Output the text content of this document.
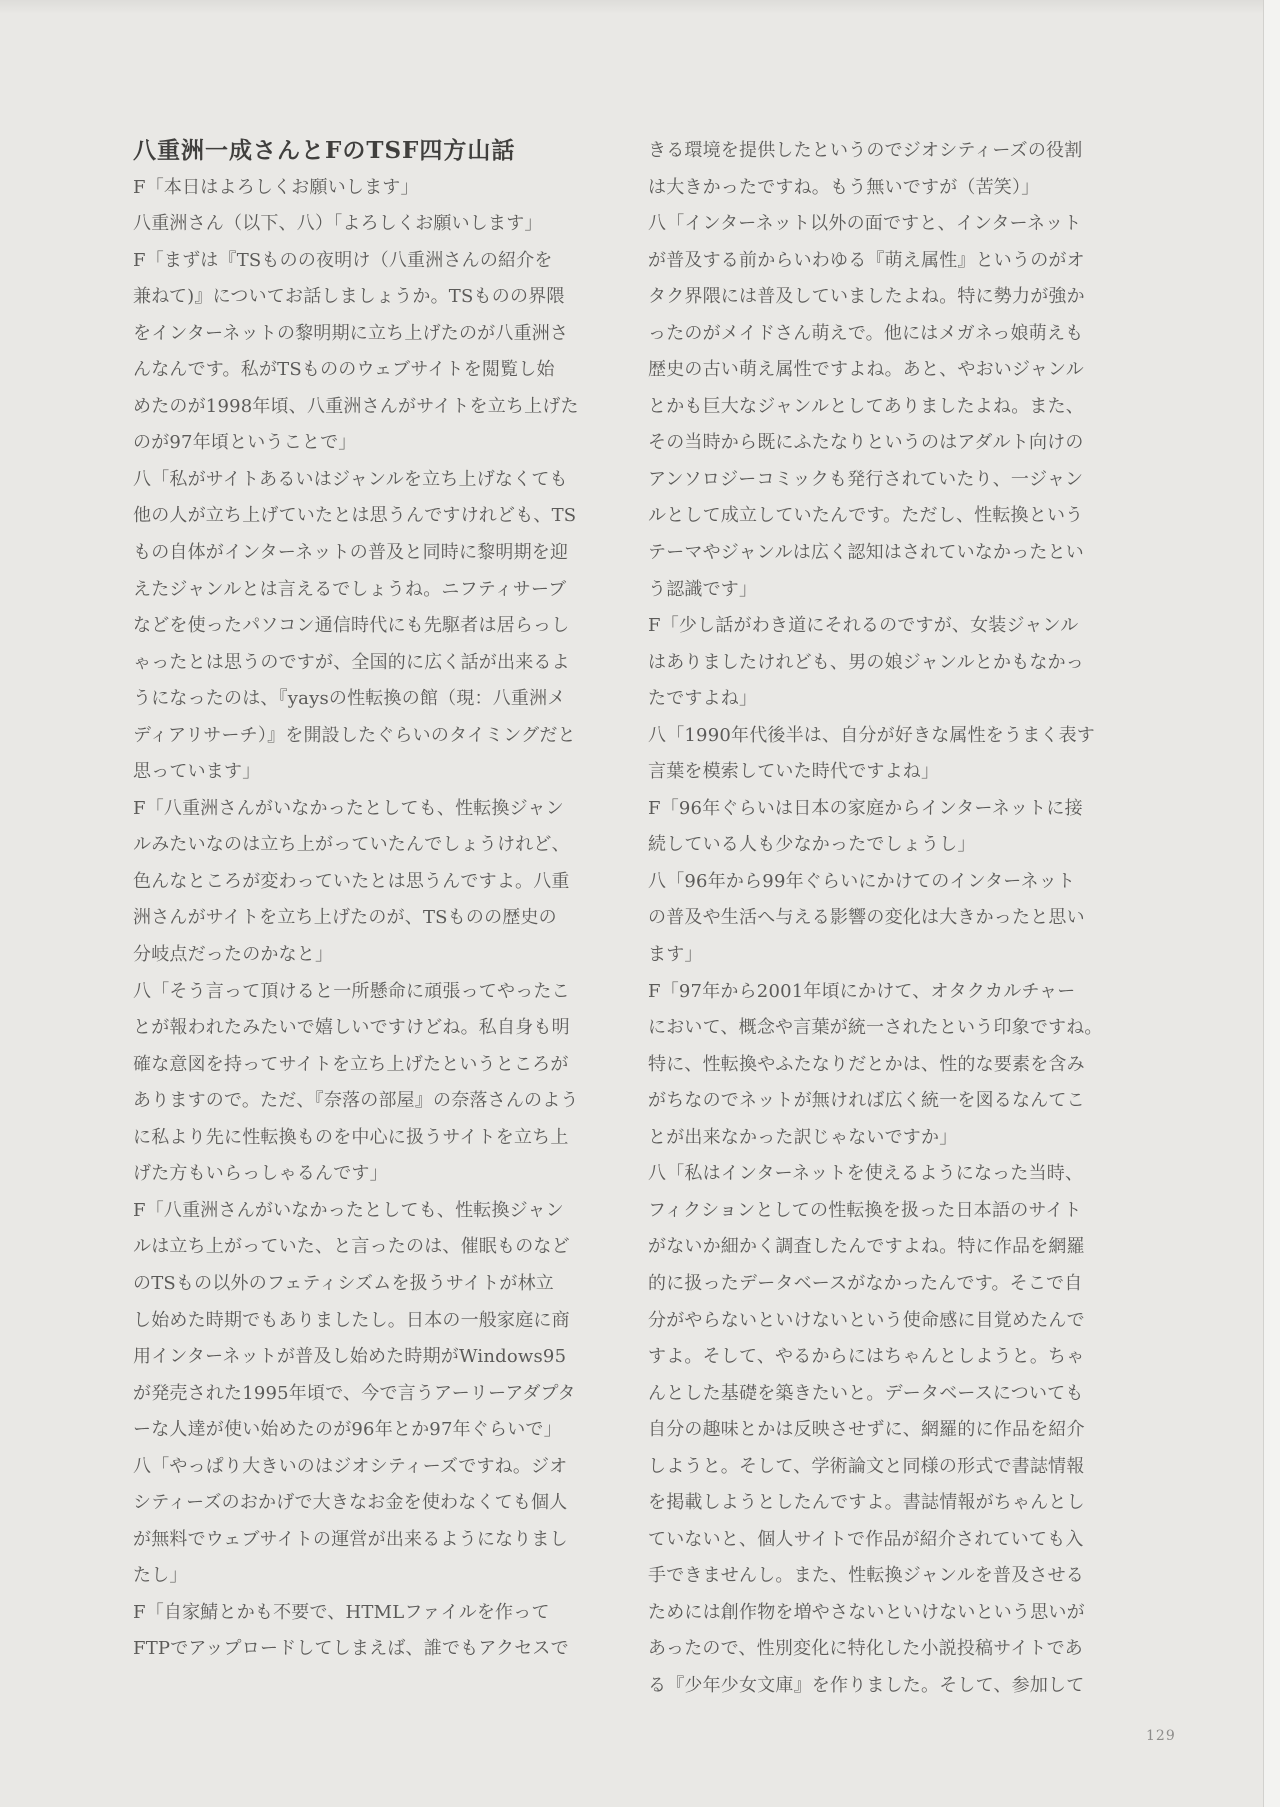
八重洲一成さんとFのTSF四方山話
F「本日はよろしくお願いします」
八重洲さん（以下、八）「よろしくお願いします」
F「まずは『TSものの夜明け（八重洲さんの紹介を
兼ねて)』についてお話しましょうか。TSものの界隈
をインターネットの黎明期に立ち上げたのが八重洲さ
んなんです。私がTSもののウェブサイトを閲覧し始
めたのが1998年頃、八重洲さんがサイトを立ち上げた
のが97年頃ということで」
八「私がサイトあるいはジャンルを立ち上げなくても
他の人が立ち上げていたとは思うんですけれども、TS
もの自体がインターネットの普及と同時に黎明期を迎
えたジャンルとは言えるでしょうね。ニフティサーブ
などを使ったパソコン通信時代にも先駆者は居らっし
ゃったとは思うのですが、全国的に広く話が出来るよ
うになったのは、『yaysの性転換の館（現：八重洲メ
ディアリサーチ）』を開設したぐらいのタイミングだと
思っています」
F「八重洲さんがいなかったとしても、性転換ジャン
ルみたいなのは立ち上がっていたんでしょうけれど、
色んなところが変わっていたとは思うんですよ。八重
洲さんがサイトを立ち上げたのが、TSものの歴史の
分岐点だったのかなと」
八「そう言って頂けると一所懸命に頑張ってやったこ
とが報われたみたいで嬉しいですけどね。私自身も明
確な意図を持ってサイトを立ち上げたというところが
ありますので。ただ、『奈落の部屋』の奈落さんのよう
に私より先に性転換ものを中心に扱うサイトを立ち上
げた方もいらっしゃるんです」
F「八重洲さんがいなかったとしても、性転換ジャン
ルは立ち上がっていた、と言ったのは、催眠ものなど
のTSもの以外のフェティシズムを扱うサイトが林立
し始めた時期でもありましたし。日本の一般家庭に商
用インターネットが普及し始めた時期がWindows95
が発売された1995年頃で、今で言うアーリーアダプタ
ーな人達が使い始めたのが96年とか97年ぐらいで」
八「やっぱり大きいのはジオシティーズですね。ジオ
シティーズのおかげで大きなお金を使わなくても個人
が無料でウェブサイトの運営が出来るようになりまし
たし」
F「自家鯖とかも不要で、HTMLファイルを作って
FTPでアップロードしてしまえば、誰でもアクセスで
きる環境を提供したというのでジオシティーズの役割
は大きかったですね。もう無いですが（苦笑）」
八「インターネット以外の面ですと、インターネット
が普及する前からいわゆる『萌え属性』というのがオ
タク界隈には普及していましたよね。特に勢力が強か
ったのがメイドさん萌えで。他にはメガネっ娘萌えも
歴史の古い萌え属性ですよね。あと、やおいジャンル
とかも巨大なジャンルとしてありましたよね。また、
その当時から既にふたなりというのはアダルト向けの
アンソロジーコミックも発行されていたり、一ジャン
ルとして成立していたんです。ただし、性転換という
テーマやジャンルは広く認知はされていなかったとい
う認識です」
F「少し話がわき道にそれるのですが、女装ジャンル
はありましたけれども、男の娘ジャンルとかもなかっ
たですよね」
八「1990年代後半は、自分が好きな属性をうまく表す
言葉を模索していた時代ですよね」
F「96年ぐらいは日本の家庭からインターネットに接
続している人も少なかったでしょうし」
八「96年から99年ぐらいにかけてのインターネット
の普及や生活へ与える影響の変化は大きかったと思い
ます」
F「97年から2001年頃にかけて、オタクカルチャー
において、概念や言葉が統一されたという印象ですね。
特に、性転換やふたなりだとかは、性的な要素を含み
がちなのでネットが無ければ広く統一を図るなんてこ
とが出来なかった訳じゃないですか」
八「私はインターネットを使えるようになった当時、
フィクションとしての性転換を扱った日本語のサイト
がないか細かく調査したんですよね。特に作品を網羅
的に扱ったデータベースがなかったんです。そこで自
分がやらないといけないという使命感に目覚めたんで
すよ。そして、やるからにはちゃんとしようと。ちゃ
んとした基礎を築きたいと。データベースについても
自分の趣味とかは反映させずに、網羅的に作品を紹介
しようと。そして、学術論文と同様の形式で書誌情報
を掲載しようとしたんですよ。書誌情報がちゃんとし
ていないと、個人サイトで作品が紹介されていても入
手できませんし。また、性転換ジャンルを普及させる
ためには創作物を増やさないといけないという思いが
あったので、性別変化に特化した小説投稿サイトであ
る『少年少女文庫』を作りました。そして、参加して
129
